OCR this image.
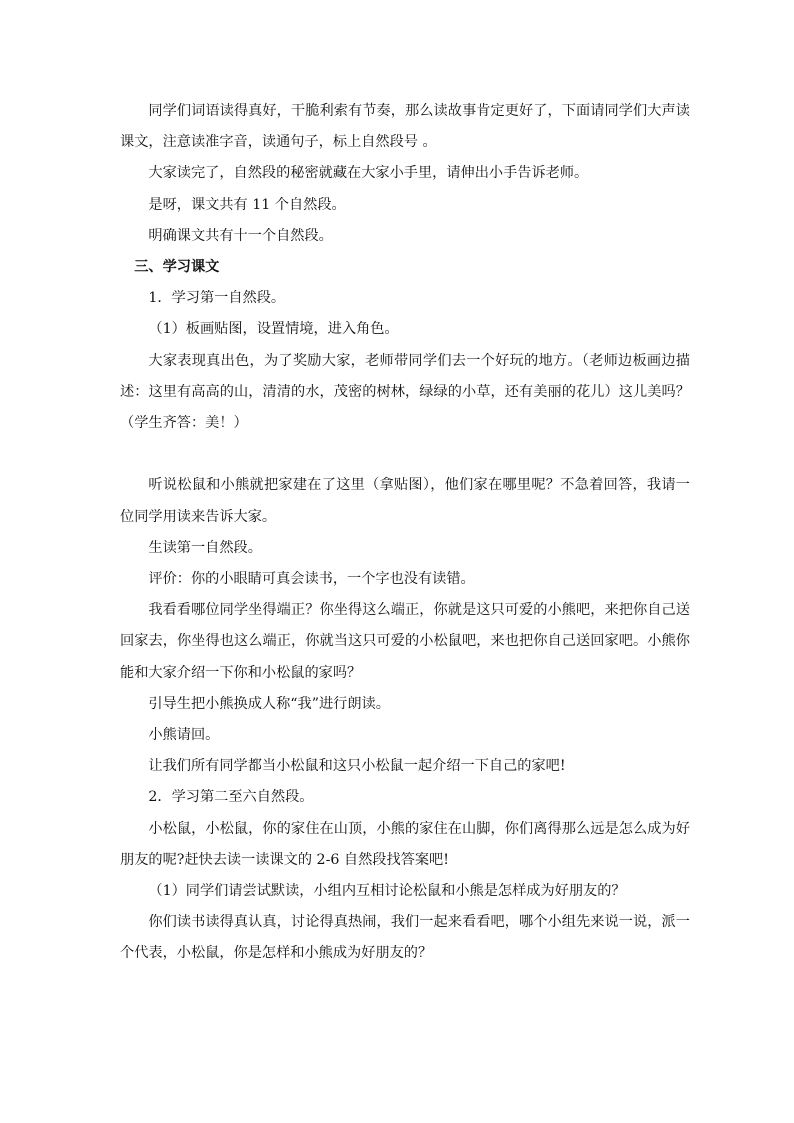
同学们词语读得真好，干脆利索有节奏，那么读故事肯定更好了，下面请同学们大声读课文，注意读准字音，读通句子，标上自然段号 。

大家读完了，自然段的秘密就藏在大家小手里，请伸出小手告诉老师。

是呀，课文共有 11 个自然段。

明确课文共有十一个自然段。

三、学习课文

1．学习第一自然段。

（1）板画贴图，设置情境，进入角色。

大家表现真出色，为了奖励大家，老师带同学们去一个好玩的地方。（老师边板画边描述：这里有高高的山，清清的水，茂密的树林，绿绿的小草，还有美丽的花儿）这儿美吗？（学生齐答：美！）

听说松鼠和小熊就把家建在了这里（拿贴图），他们家在哪里呢？不急着回答，我请一位同学用读来告诉大家。

生读第一自然段。

评价：你的小眼睛可真会读书，一个字也没有读错。

我看看哪位同学坐得端正？你坐得这么端正，你就是这只可爱的小熊吧，来把你自己送回家去，你坐得也这么端正，你就当这只可爱的小松鼠吧，来也把你自己送回家吧。小熊你能和大家介绍一下你和小松鼠的家吗？

引导生把小熊换成人称“我”进行朗读。

小熊请回。

让我们所有同学都当小松鼠和这只小松鼠一起介绍一下自己的家吧!

2．学习第二至六自然段。

小松鼠，小松鼠，你的家住在山顶，小熊的家住在山脚，你们离得那么远是怎么成为好朋友的呢?赶快去读一读课文的 2-6 自然段找答案吧!

（1）同学们请尝试默读，小组内互相讨论松鼠和小熊是怎样成为好朋友的？

你们读书读得真认真，讨论得真热闹，我们一起来看看吧，哪个小组先来说一说，派一个代表，小松鼠，你是怎样和小熊成为好朋友的？
